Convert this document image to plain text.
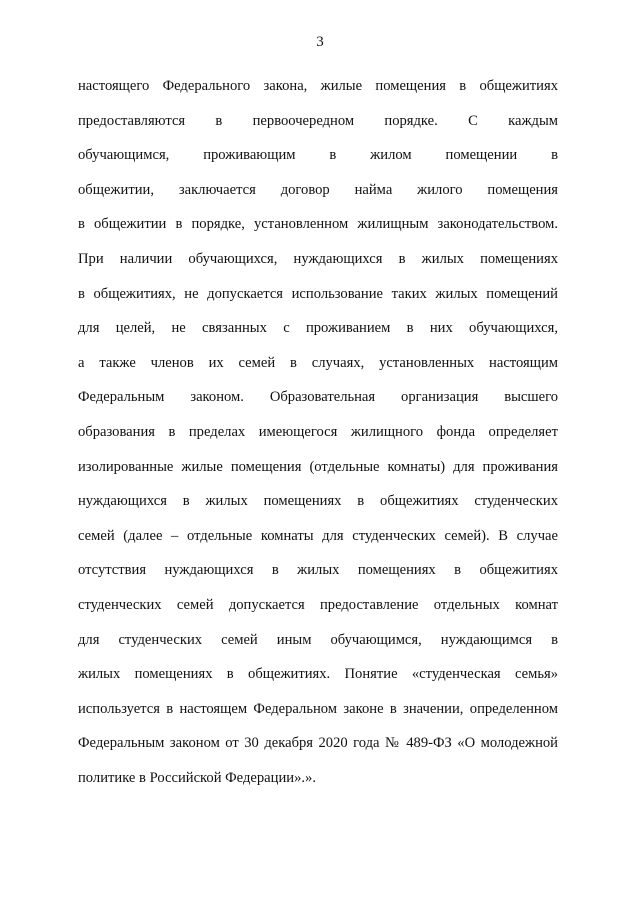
3
настоящего Федерального закона, жилые помещения в общежитиях
предоставляются в первоочередном порядке. С каждым
обучающимся, проживающим в жилом помещении в
общежитии, заключается договор найма жилого помещения
в общежитии в порядке, установленном жилищным законодательством.
При наличии обучающихся, нуждающихся в жилых помещениях
в общежитиях, не допускается использование таких жилых помещений
для целей, не связанных с проживанием в них обучающихся,
а также членов их семей в случаях, установленных настоящим
Федеральным законом. Образовательная организация высшего
образования в пределах имеющегося жилищного фонда определяет
изолированные жилые помещения (отдельные комнаты) для проживания
нуждающихся в жилых помещениях в общежитиях студенческих
семей (далее – отдельные комнаты для студенческих семей). В случае
отсутствия нуждающихся в жилых помещениях в общежитиях
студенческих семей допускается предоставление отдельных комнат
для студенческих семей иным обучающимся, нуждающимся в
жилых помещениях в общежитиях. Понятие «студенческая семья»
используется в настоящем Федеральном законе в значении, определенном
Федеральным законом от 30 декабря 2020 года № 489-ФЗ «О молодежной
политике в Российской Федерации».».
